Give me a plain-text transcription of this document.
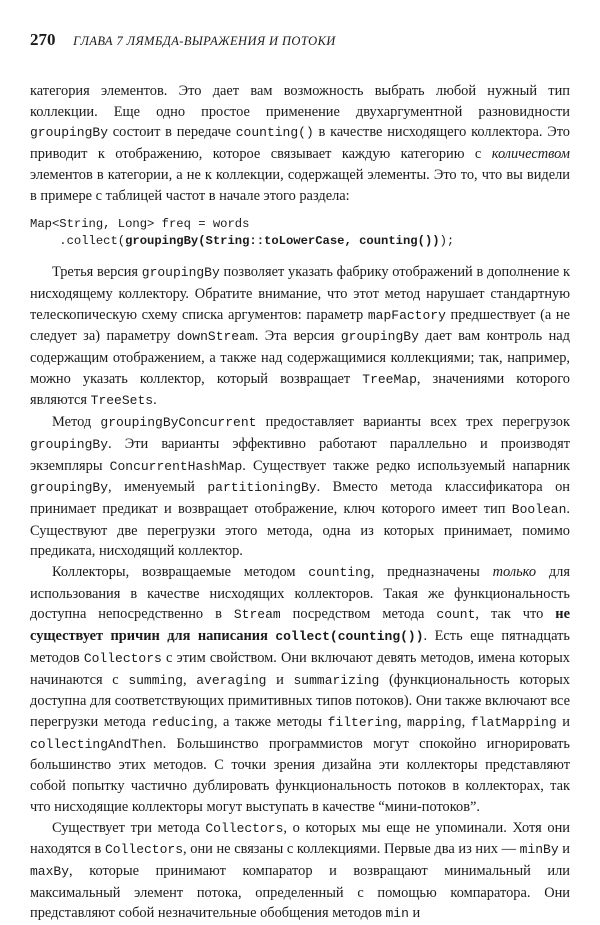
270 ГЛАВА 7 ЛЯМБДА-ВЫРАЖЕНИЯ И ПОТОКИ

категория элементов. Это дает вам возможность выбрать любой нужный тип коллекции. Еще одно простое применение двухаргументной разновидности groupingBy состоит в передаче counting() в качестве нисходящего коллектора. Это приводит к отображению, которое связывает каждую категорию с количеством элементов в категории, а не к коллекции, содержащей элементы. Это то, что вы видели в примере с таблицей частот в начале этого раздела:

Map<String, Long> freq = words
.collect(groupingBy(String::toLowerCase, counting()));

Третья версия groupingBy позволяет указать фабрику отображений в дополнение к нисходящему коллектору. Обратите внимание, что этот метод нарушает стандартную телескопическую схему списка аргументов: параметр mapFactory предшествует (а не следует за) параметру downStream. Эта версия groupingBy дает вам контроль над содержащим отображением, а также над содержащимися коллекциями; так, например, можно указать коллектор, который возвращает TreeMap, значениями которого являются TreeSets.

Метод groupingByConcurrent предоставляет варианты всех трех перегрузок groupingBy. Эти варианты эффективно работают параллельно и производят экземпляры ConcurrentHashMap. Существует также редко используемый напарник groupingBy, именуемый partitioningBy. Вместо метода классификатора он принимает предикат и возвращает отображение, ключ которого имеет тип Boolean. Существуют две перегрузки этого метода, одна из которых принимает, помимо предиката, нисходящий коллектор.

Коллекторы, возвращаемые методом counting, предназначены только для использования в качестве нисходящих коллекторов. Такая же функциональность доступна непосредственно в Stream посредством метода count, так что не существует причин для написания collect(counting()). Есть еще пятнадцать методов Collectors с этим свойством. Они включают девять методов, имена которых начинаются с summing, averaging и summarizing (функциональность которых доступна для соответствующих примитивных типов потоков). Они также включают все перегрузки метода reducing, а также методы filtering, mapping, flatMapping и collectingAndThen. Большинство программистов могут спокойно игнорировать большинство этих методов. С точки зрения дизайна эти коллекторы представляют собой попытку частично дублировать функциональность потоков в коллекторах, так что нисходящие коллекторы могут выступать в качестве “мини-потоков”.

Существует три метода Collectors, о которых мы еще не упоминали. Хотя они находятся в Collectors, они не связаны с коллекциями. Первые два из них — minBy и maxBy, которые принимают компаратор и возвращают минимальный или максимальный элемент потока, определенный с помощью компаратора. Они представляют собой незначительные обобщения методов min и
